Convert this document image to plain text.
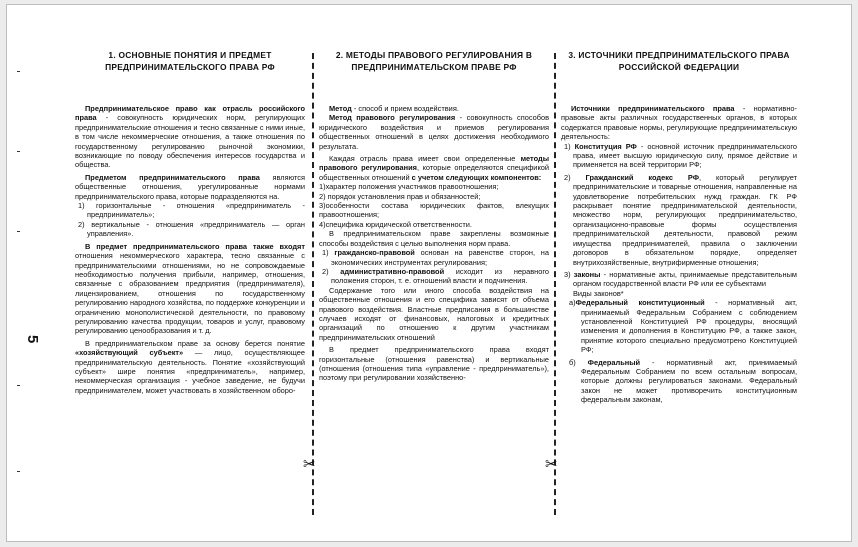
5
✂	✂
1. ОСНОВНЫЕ ПОНЯТИЯ И ПРЕДМЕТ ПРЕДПРИНИМАТЕЛЬСКОГО ПРАВА РФ

Предпринимательское право как отрасль российского права - совокупность юридических норм, регулирующих предпринимательские отношения и тесно связанные с ними иные, в том числе некоммерческие отношения, а также отношения по государственному регулированию рыночной экономики, возникающие по поводу обеспечения интересов государства и общества.

Предметом предпринимательского права являются общественные отношения, урегулированные нормами предпринимательского права, которые подразделяются на.

1) горизонтальные - отношения «предприниматель - предприниматель»;

2) вертикальные - отношения «предприниматель — орган управления».

В предмет предпринимательского права также входят отношения некоммерческого характера, тесно связанные с предпринимательскими отношениями, но не сопровождаемые необходимостью получения прибыли, например, отношения, связанные с образованием предприятия (предпринимателя), лицензированием, отношения по государственному регулированию народного хозяйства, по поддержке конкуренции и ограничению монополистической деятельности, по правовому регулированию качества продукции, товаров и услуг, правовому регулированию ценообразования и т. д.

В предпринимательском праве за основу берется понятие «хозяйствующий субъект» — лицо, осуществляющее предпринимательскую деятельность. Понятие «хозяйствующий субъект» шире понятия «предприниматель», например, некоммерческая организация - учебное заведение, не будучи предпринимателем, может участвовать в хозяйственном оборо-

2. МЕТОДЫ ПРАВОВОГО РЕГУЛИРОВАНИЯ В ПРЕДПРИНИМАТЕЛЬСКОМ ПРАВЕ РФ

Метод - способ и прием воздействия.

Метод правового регулирования - совокупность способов юридического воздействия и приемов регулирования общественных отношений в целях достижения необходимого результата.

Каждая отрасль права имеет свои определенные методы правового регулирования, которые определяются спецификой общественных отношений с учетом следующих компонентов:

1)характер положения участников правоотношения;

2) порядок установления прав и обязанностей;

3)особенности состава юридических фактов, влекущих правоотношения;

4)специфика юридической ответственности.

В предпринимательском праве закреплены возможные способы воздействия с целью выполнения норм права.

1) гражданско-правовой основан на равенстве сторон, на экономических инструментах регулирования;

2) административно-правовой исходит из неравного положения сторон, т. е. отношений власти и подчинения.

Содержание того или иного способа воздействия на общественные отношения и его специфика зависят от объема правового воздействия. Властные предписания в большинстве случаев исходят от финансовых, налоговых и кредитных организаций по отношению к другим участникам предпринимательских отношений

В предмет предпринимательского права входят горизонтальные (отношения равенства) и вертикальные (отношения (отношения типа «управление - предприниматель»), поэтому при регулировании хозяйственно-

3. ИСТОЧНИКИ ПРЕДПРИНИМАТЕЛЬСКОГО ПРАВА РОССИЙСКОЙ ФЕДЕРАЦИИ

Источники предпринимательского права - нормативно-правовые акты различных государственных органов, в которых содержатся правовые нормы, регулирующие предпринимательскую деятельность:

1) Конституция РФ - основной источник предпринимательского права, имеет высшую юридическую силу, прямое действие и применяется на всей территории РФ;

2) Гражданский кодекс РФ, который регулирует предпринимательские и товарные отношения, направленные на удовлетворение потребительских нужд граждан. ГК РФ раскрывает понятие предпринимательской деятельности, множество норм, регулирующих предпринимательство, организационно-правовые формы осуществления предпринимательской деятельности, правовой режим имущества предпринимателей, правила о заключении договоров в обязательном порядке, определяет внутрихозяйственные, внутрифирменные отношения;

3) законы - нормативные акты, принимаемые представительным органом государственной власти РФ или ее субъектами

Виды законов*

а)Федеральный конституционный - нормативный акт, принимаемый Федеральным Собранием с соблюдением установленной Конституцией РФ процедуры, вносящий изменения и дополнения в Конституцию РФ, а также закон, принятие которого специально предусмотрено Конституцией РФ;

б) Федеральный - нормативный акт, принимаемый Федеральным Собранием по всем остальным вопросам, которые должны регулироваться законами. Федеральный закон не может противоречить конституционным федеральным законам,
